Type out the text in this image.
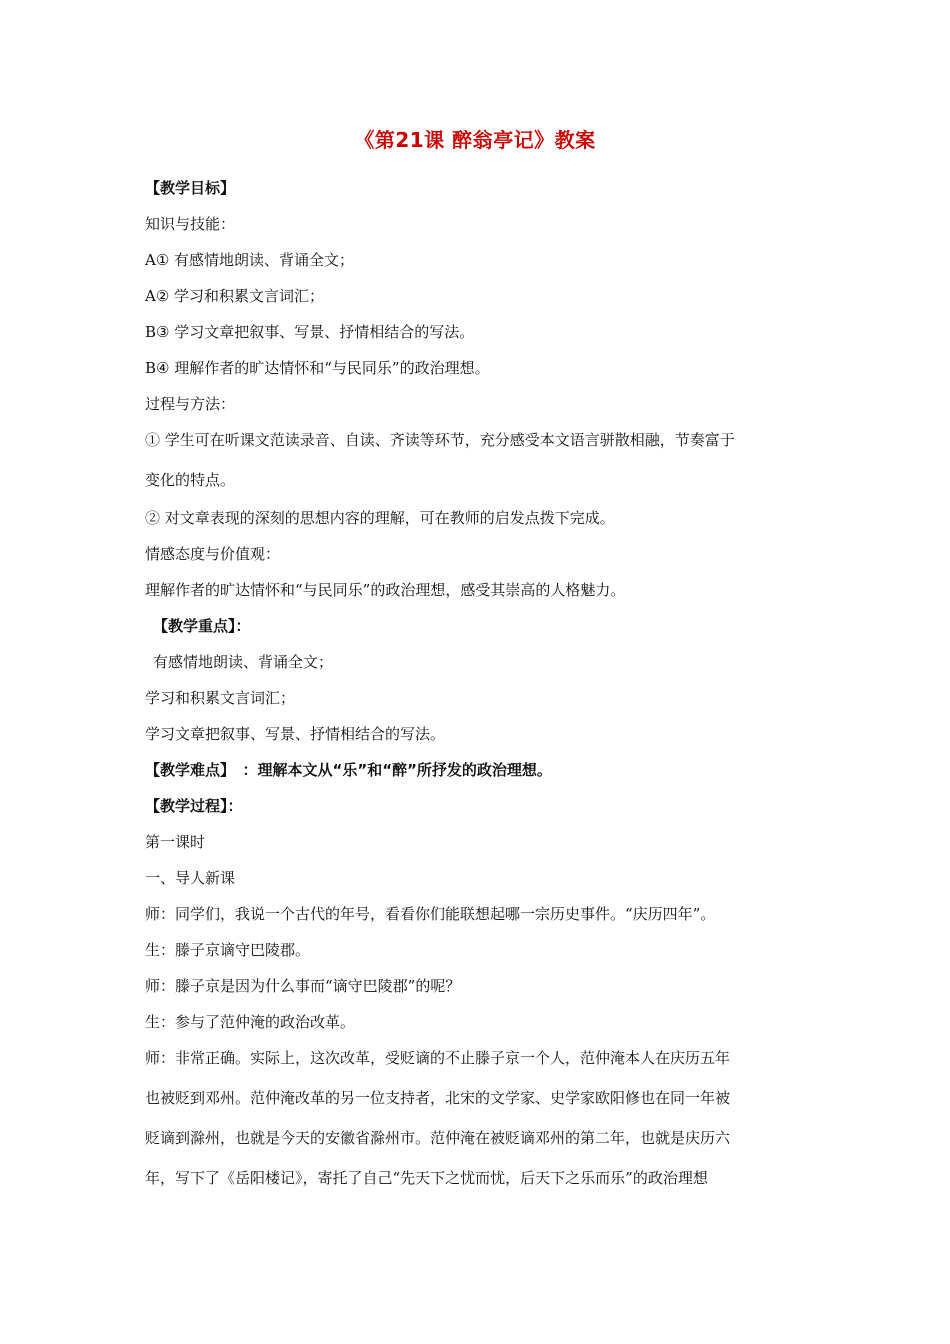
《第21课 醉翁亭记》教案

【教学目标】

知识与技能：

A① 有感情地朗读、背诵全文；

A② 学习和积累文言词汇；

B③ 学习文章把叙事、写景、抒情相结合的写法。

B④ 理解作者的旷达情怀和“与民同乐”的政治理想。

过程与方法：

① 学生可在听课文范读录音、自读、齐读等环节，充分感受本文语言骈散相融，节奏富于

变化的特点。

② 对文章表现的深刻的思想内容的理解，可在教师的启发点拨下完成。

情感态度与价值观：

理解作者的旷达情怀和“与民同乐”的政治理想，感受其崇高的人格魅力。

【教学重点】：

有感情地朗读、背诵全文；

学习和积累文言词汇；

学习文章把叙事、写景、抒情相结合的写法。

【教学难点】　：理解本文从“乐”和“醉”所抒发的政治理想。

【教学过程】：

第一课时

一、导人新课

师：同学们，我说一个古代的年号，看看你们能联想起哪一宗历史事件。“庆历四年”。

生：滕子京谪守巴陵郡。

师：滕子京是因为什么事而“谪守巴陵郡”的呢？

生：参与了范仲淹的政治改革。

师：非常正确。实际上，这次改革，受贬谪的不止滕子京一个人，范仲淹本人在庆历五年

也被贬到邓州。范仲淹改革的另一位支持者，北宋的文学家、史学家欧阳修也在同一年被

贬谪到滁州，也就是今天的安徽省滁州市。范仲淹在被贬谪邓州的第二年，也就是庆历六

年，写下了《岳阳楼记》，寄托了自己“先天下之忧而忧，后天下之乐而乐”的政治理想
